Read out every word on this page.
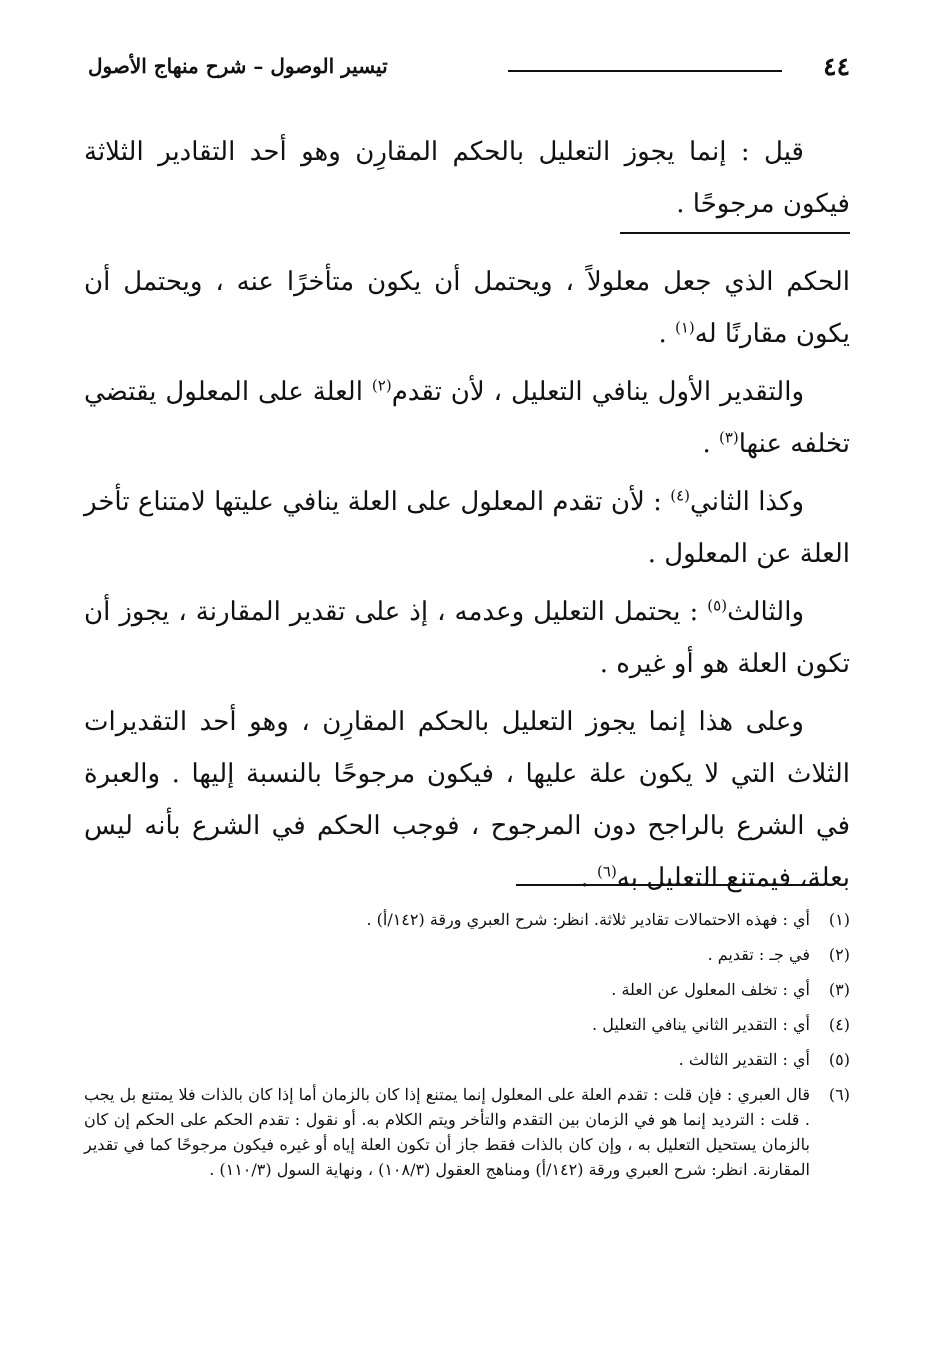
٤٤
تيسير الوصول – شرح منهاج الأصول

قيل : إنما يجوز التعليل بالحكم المقارِن وهو أحد التقادير الثلاثة فيكون مرجوحًا .

الحكم الذي جعل معلولاً ، ويحتمل أن يكون متأخرًا عنه ، ويحتمل أن يكون مقارنًا له$^{(١)}$ .

والتقدير الأول ينافي التعليل ، لأن تقدم$^{(٢)}$ العلة على المعلول يقتضي تخلفه عنها$^{(٣)}$ .

وكذا الثاني$^{(٤)}$ : لأن تقدم المعلول على العلة ينافي عليتها لامتناع تأخر العلة عن المعلول .

والثالث$^{(٥)}$ : يحتمل التعليل وعدمه ، إذ على تقدير المقارنة ، يجوز أن تكون العلة هو أو غيره .

وعلى هذا إنما يجوز التعليل بالحكم المقارِن ، وهو أحد التقديرات الثلاث التي لا يكون علة عليها ، فيكون مرجوحًا بالنسبة إليها . والعبرة في الشرع بالراجح دون المرجوح ، فوجب الحكم في الشرع بأنه ليس بعلة، فيمتنع التعليل به$^{(٦)}$ .

(١)
أي : فهذه الاحتمالات تقادير ثلاثة. انظر: شرح العبري ورقة (١٤٢/أ) .

(٢)
في جـ : تقديم .

(٣)
أي : تخلف المعلول عن العلة .

(٤)
أي : التقدير الثاني ينافي التعليل .

(٥)
أي : التقدير الثالث .

(٦)
قال العبري : فإن قلت : تقدم العلة على المعلول إنما يمتنع إذا كان بالزمان أما إذا كان بالذات فلا يمتنع بل يجب . قلت : الترديد إنما هو في الزمان بين التقدم والتأخر ويتم الكلام به. أو نقول : تقدم الحكم على الحكم إن كان بالزمان يستحيل التعليل به ، وإن كان بالذات فقط جاز أن تكون العلة إياه أو غيره فيكون مرجوحًا كما في تقدير المقارنة. انظر: شرح العبري ورقة (١٤٢/أ) ومناهج العقول (١٠٨/٣) ، ونهاية السول (١١٠/٣) .
